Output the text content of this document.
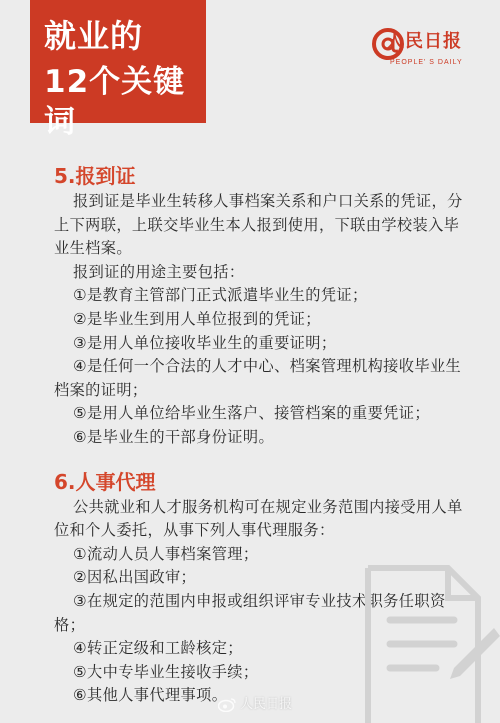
就业的
12个关键词
人民日报
PEOPLE' S DAILY
5.报到证

报到证是毕业生转移人事档案关系和户口关系的凭证，分上下两联，上联交毕业生本人报到使用，下联由学校装入毕业生档案。

报到证的用途主要包括：

①是教育主管部门正式派遣毕业生的凭证；

②是毕业生到用人单位报到的凭证；

③是用人单位接收毕业生的重要证明；

④是任何一个合法的人才中心、档案管理机构接收毕业生档案的证明；

⑤是用人单位给毕业生落户、接管档案的重要凭证；

⑥是毕业生的干部身份证明。

6.人事代理

公共就业和人才服务机构可在规定业务范围内接受用人单位和个人委托，从事下列人事代理服务：

①流动人员人事档案管理；

②因私出国政审；

③在规定的范围内申报或组织评审专业技术职务任职资格；

④转正定级和工龄核定；

⑤大中专毕业生接收手续；

⑥其他人事代理事项。

人民日报
